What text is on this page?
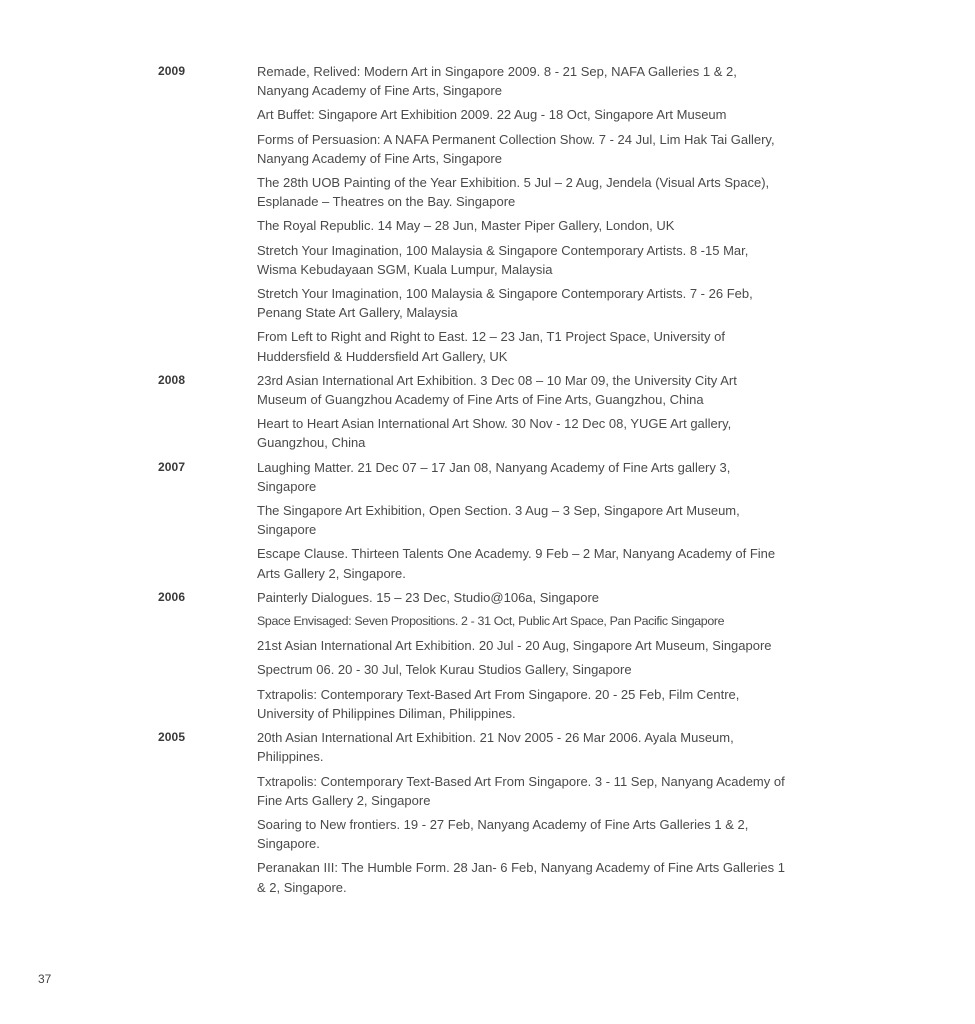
2009	Remade, Relived: Modern Art in Singapore 2009. 8 - 21 Sep, NAFA Galleries 1 & 2, Nanyang Academy of Fine Arts, Singapore
Art Buffet: Singapore Art Exhibition 2009. 22 Aug - 18 Oct, Singapore Art Museum
Forms of Persuasion: A NAFA Permanent Collection Show. 7 - 24 Jul, Lim Hak Tai Gallery, Nanyang Academy of Fine Arts, Singapore
The 28th UOB Painting of the Year Exhibition. 5 Jul – 2 Aug, Jendela (Visual Arts Space), Esplanade – Theatres on the Bay. Singapore
The Royal Republic. 14 May – 28 Jun, Master Piper Gallery, London, UK
Stretch Your Imagination, 100 Malaysia & Singapore Contemporary Artists. 8 -15 Mar, Wisma Kebudayaan SGM, Kuala Lumpur, Malaysia
Stretch Your Imagination, 100 Malaysia & Singapore Contemporary Artists. 7 - 26 Feb, Penang State Art Gallery, Malaysia
From Left to Right and Right to East. 12 – 23 Jan, T1 Project Space, University of Huddersfield & Huddersfield Art Gallery, UK
2008	23rd Asian International Art Exhibition. 3 Dec 08 – 10 Mar 09, the University City Art Museum of Guangzhou Academy of Fine Arts of Fine Arts, Guangzhou, China
Heart to Heart Asian International Art Show. 30 Nov - 12 Dec 08, YUGE Art gallery, Guangzhou, China
2007	Laughing Matter. 21 Dec 07 – 17 Jan 08, Nanyang Academy of Fine Arts gallery 3, Singapore
The Singapore Art Exhibition, Open Section. 3 Aug – 3 Sep, Singapore Art Museum, Singapore
Escape Clause. Thirteen Talents One Academy. 9 Feb – 2 Mar, Nanyang Academy of Fine Arts Gallery 2, Singapore.
2006	Painterly Dialogues. 15 – 23 Dec, Studio@106a, Singapore
Space Envisaged: Seven Propositions. 2 - 31 Oct, Public Art Space, Pan Pacific Singapore
21st Asian International Art Exhibition. 20 Jul - 20 Aug, Singapore Art Museum, Singapore
Spectrum 06. 20 - 30 Jul, Telok Kurau Studios Gallery, Singapore
Txtrapolis: Contemporary Text-Based Art From Singapore. 20 - 25 Feb, Film Centre, University of Philippines Diliman, Philippines.
2005	20th Asian International Art Exhibition. 21 Nov 2005 - 26 Mar 2006. Ayala Museum, Philippines.
Txtrapolis: Contemporary Text-Based Art From Singapore. 3 - 11 Sep, Nanyang Academy of Fine Arts Gallery 2, Singapore
Soaring to New frontiers. 19 - 27 Feb, Nanyang Academy of Fine Arts Galleries 1 & 2, Singapore.
Peranakan III: The Humble Form. 28 Jan- 6 Feb, Nanyang Academy of Fine Arts Galleries 1 & 2, Singapore.
37
